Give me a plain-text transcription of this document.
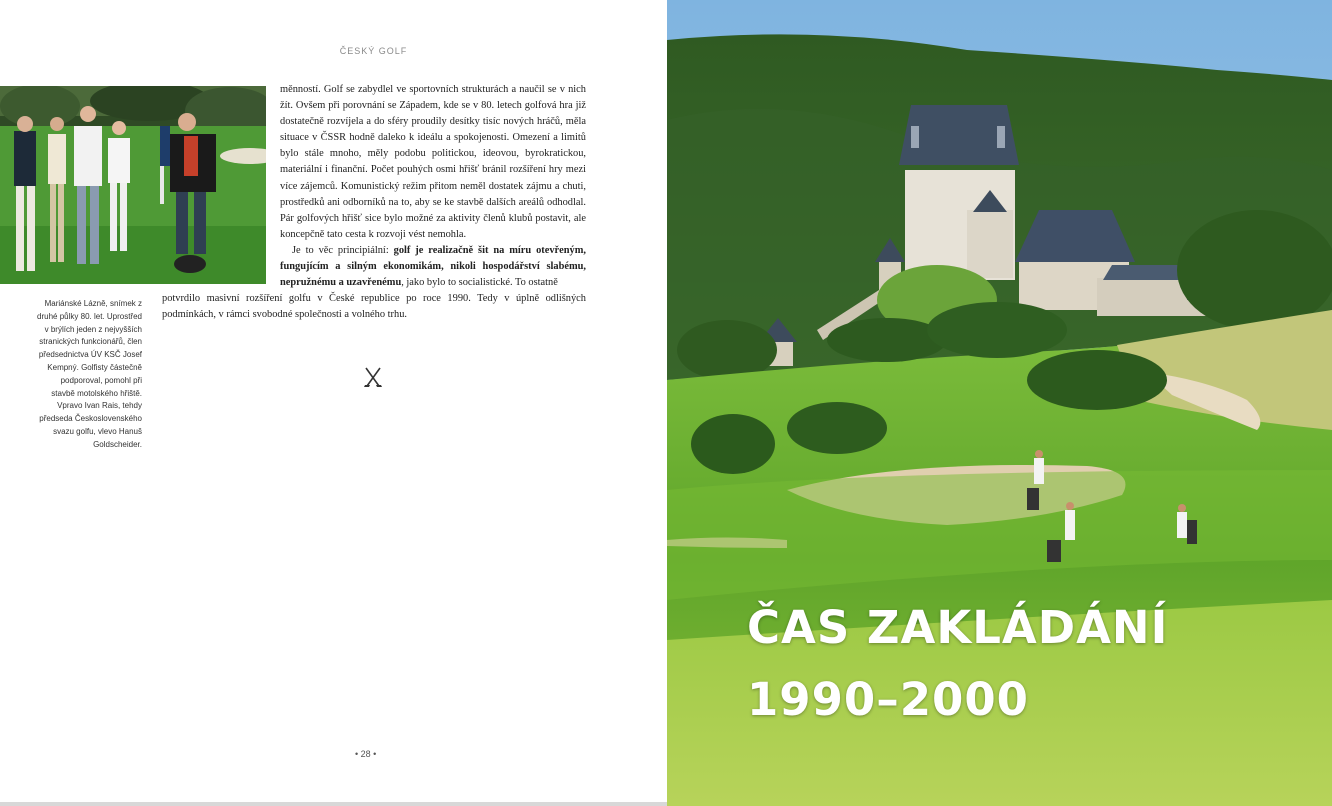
ČESKÝ GOLF
Mariánské Lázně, snímek z druhé půlky 80. let. Uprostřed v brýlích jeden z nejvyšších stranických funkcionářů, člen předsednictva ÚV KSČ Josef Kempný. Golfisty částečně podporoval, pomohl při stavbě motolského hřiště. Vpravo Ivan Rais, tehdy předseda Československého svazu golfu, vlevo Hanuš Goldscheider.

měnností. Golf se zabydlel ve sportovních strukturách a naučil se v nich žít. Ovšem při porovnání se Západem, kde se v 80. letech golfová hra již dostatečně rozvíjela a do sféry proudily desítky tisíc nových hráčů, měla situace v ČSSR hodně daleko k ideálu a spokojenosti. Omezení a limitů bylo stále mnoho, měly podobu politickou, ideovou, byrokratickou, materiální i finanční. Počet pouhých osmi hřišť bránil rozšíření hry mezi více zájemců. Komunistický režim přitom neměl dostatek zájmu a chuti, prostředků ani odborníků na to, aby se ke stavbě dalších areálů odhodlal. Pár golfových hřišť sice bylo možné za aktivity členů klubů postavit, ale koncepčně tato cesta k rozvoji vést nemohla.

Je to věc principiální: golf je realizačně šit na míru otevřeným, fungujícím a silným ekonomikám, nikoli hospodářství slabému, nepružnému a uzavřenému, jako bylo to socialistické. To ostatně

potvrdilo masivní rozšíření golfu v České republice po roce 1990. Tedy v úplně odlišných podmínkách, v rámci svobodné společnosti a volného trhu.

• 28 •
ČAS ZAKLÁDÁNÍ
1990–2000
